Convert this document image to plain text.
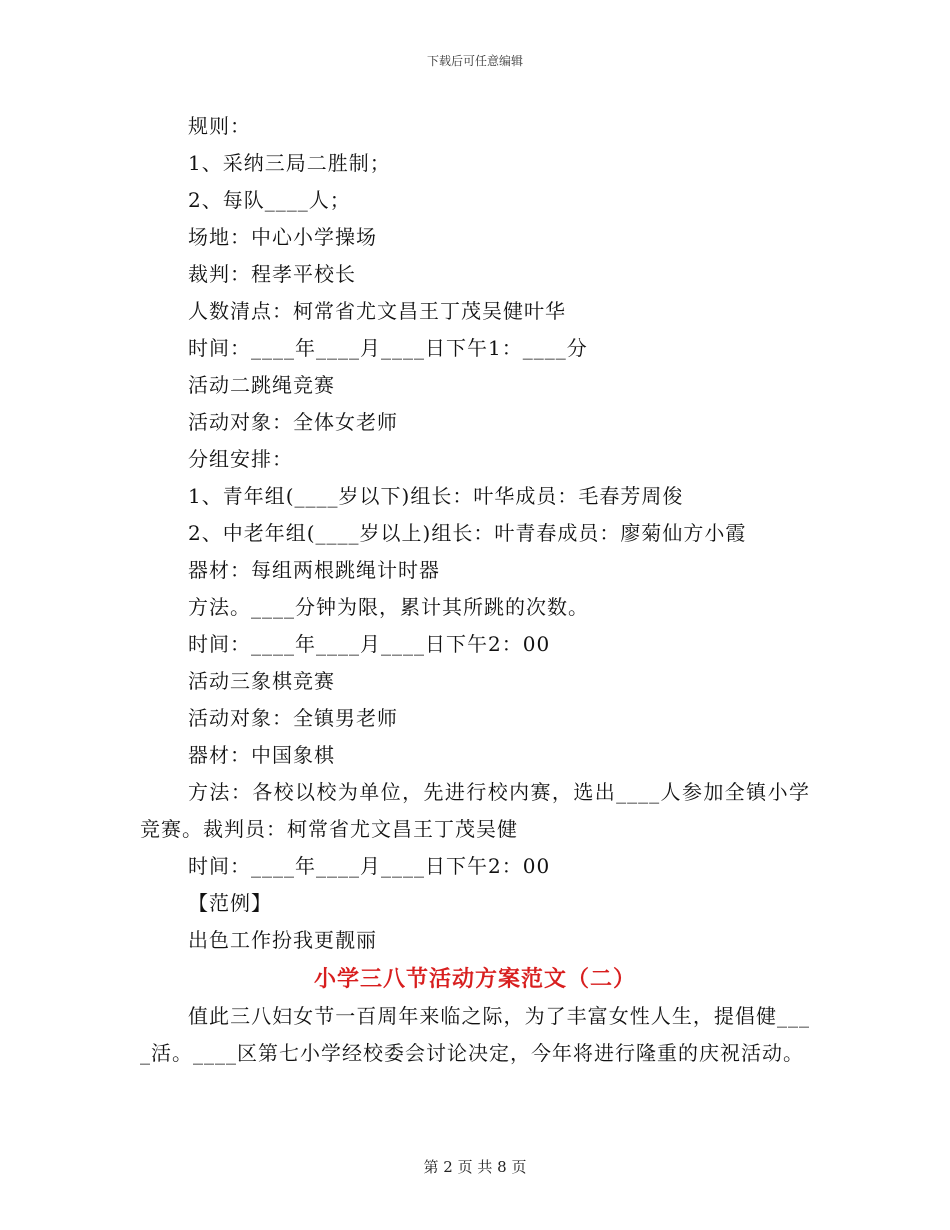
下载后可任意编辑
规则：
1、采纳三局二胜制；
2、每队____人；
场地：中心小学操场
裁判：程孝平校长
人数清点：柯常省尤文昌王丁茂吴健叶华
时间：____年____月____日下午1：____分
活动二跳绳竞赛
活动对象：全体女老师
分组安排：
1、青年组(____岁以下)组长：叶华成员：毛春芳周俊
2、中老年组(____岁以上)组长：叶青春成员：廖菊仙方小霞
器材：每组两根跳绳计时器
方法。____分钟为限，累计其所跳的次数。
时间：____年____月____日下午2：00
活动三象棋竞赛
活动对象：全镇男老师
器材：中国象棋
方法：各校以校为单位，先进行校内赛，选出____人参加全镇小学竞赛。裁判员：柯常省尤文昌王丁茂吴健
时间：____年____月____日下午2：00
【范例】
出色工作扮我更靓丽
小学三八节活动方案范文（二）
值此三八妇女节一百周年来临之际，为了丰富女性人生，提倡健____活。____区第七小学经校委会讨论决定，今年将进行隆重的庆祝活动。
第 2 页 共 8 页
